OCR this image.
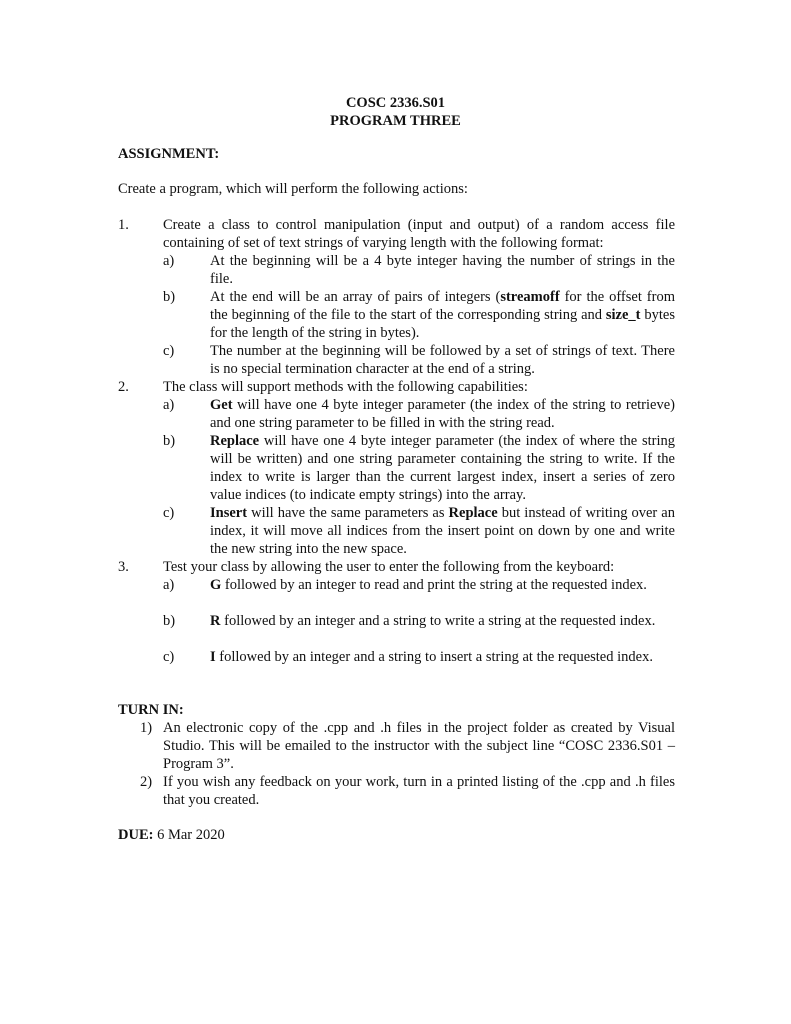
COSC 2336.S01
PROGRAM THREE
ASSIGNMENT:
Create a program, which will perform the following actions:
1. Create a class to control manipulation (input and output) of a random access file containing of set of text strings of varying length with the following format:
a) At the beginning will be a 4 byte integer having the number of strings in the file.
b) At the end will be an array of pairs of integers (streamoff for the offset from the beginning of the file to the start of the corresponding string and size_t bytes for the length of the string in bytes).
c) The number at the beginning will be followed by a set of strings of text. There is no special termination character at the end of a string.
2. The class will support methods with the following capabilities:
a) Get will have one 4 byte integer parameter (the index of the string to retrieve) and one string parameter to be filled in with the string read.
b) Replace will have one 4 byte integer parameter (the index of where the string will be written) and one string parameter containing the string to write. If the index to write is larger than the current largest index, insert a series of zero value indices (to indicate empty strings) into the array.
c) Insert will have the same parameters as Replace but instead of writing over an index, it will move all indices from the insert point on down by one and write the new string into the new space.
3. Test your class by allowing the user to enter the following from the keyboard:
a) G followed by an integer to read and print the string at the requested index.
b) R followed by an integer and a string to write a string at the requested index.
c) I followed by an integer and a string to insert a string at the requested index.
TURN IN:
1) An electronic copy of the .cpp and .h files in the project folder as created by Visual Studio. This will be emailed to the instructor with the subject line “COSC 2336.S01 – Program 3”.
2) If you wish any feedback on your work, turn in a printed listing of the .cpp and .h files that you created.
DUE: 6 Mar 2020
